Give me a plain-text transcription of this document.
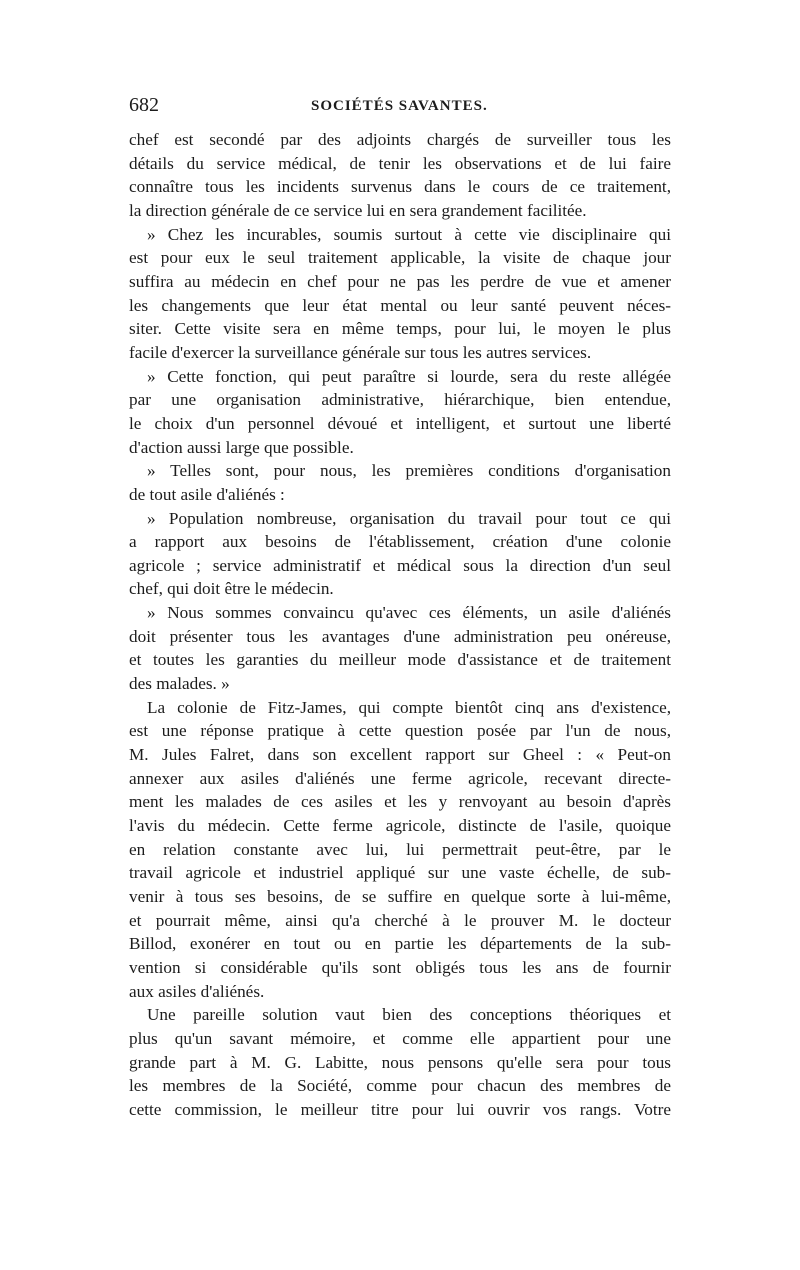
682	SOCIÉTÉS SAVANTES.
chef est secondé par des adjoints chargés de surveiller tous les
détails du service médical, de tenir les observations et de lui faire
connaître tous les incidents survenus dans le cours de ce traitement,
la direction générale de ce service lui en sera grandement facilitée.
» Chez les incurables, soumis surtout à cette vie disciplinaire qui
est pour eux le seul traitement applicable, la visite de chaque jour
suffira au médecin en chef pour ne pas les perdre de vue et amener
les changements que leur état mental ou leur santé peuvent néces-
siter. Cette visite sera en même temps, pour lui, le moyen le plus
facile d'exercer la surveillance générale sur tous les autres services.
» Cette fonction, qui peut paraître si lourde, sera du reste allégée
par une organisation administrative, hiérarchique, bien entendue,
le choix d'un personnel dévoué et intelligent, et surtout une liberté
d'action aussi large que possible.
» Telles sont, pour nous, les premières conditions d'organisation
de tout asile d'aliénés :
» Population nombreuse, organisation du travail pour tout ce qui
a rapport aux besoins de l'établissement, création d'une colonie
agricole ; service administratif et médical sous la direction d'un seul
chef, qui doit être le médecin.
» Nous sommes convaincu qu'avec ces éléments, un asile d'aliénés
doit présenter tous les avantages d'une administration peu onéreuse,
et toutes les garanties du meilleur mode d'assistance et de traitement
des malades. »
La colonie de Fitz-James, qui compte bientôt cinq ans d'existence,
est une réponse pratique à cette question posée par l'un de nous,
M. Jules Falret, dans son excellent rapport sur Gheel : « Peut-on
annexer aux asiles d'aliénés une ferme agricole, recevant directe-
ment les malades de ces asiles et les y renvoyant au besoin d'après
l'avis du médecin. Cette ferme agricole, distincte de l'asile, quoique
en relation constante avec lui, lui permettrait peut-être, par le
travail agricole et industriel appliqué sur une vaste échelle, de sub-
venir à tous ses besoins, de se suffire en quelque sorte à lui-même,
et pourrait même, ainsi qu'a cherché à le prouver M. le docteur
Billod, exonérer en tout ou en partie les départements de la sub-
vention si considérable qu'ils sont obligés tous les ans de fournir
aux asiles d'aliénés.
Une pareille solution vaut bien des conceptions théoriques et
plus qu'un savant mémoire, et comme elle appartient pour une
grande part à M. G. Labitte, nous pensons qu'elle sera pour tous
les membres de la Société, comme pour chacun des membres de
cette commission, le meilleur titre pour lui ouvrir vos rangs. Votre
